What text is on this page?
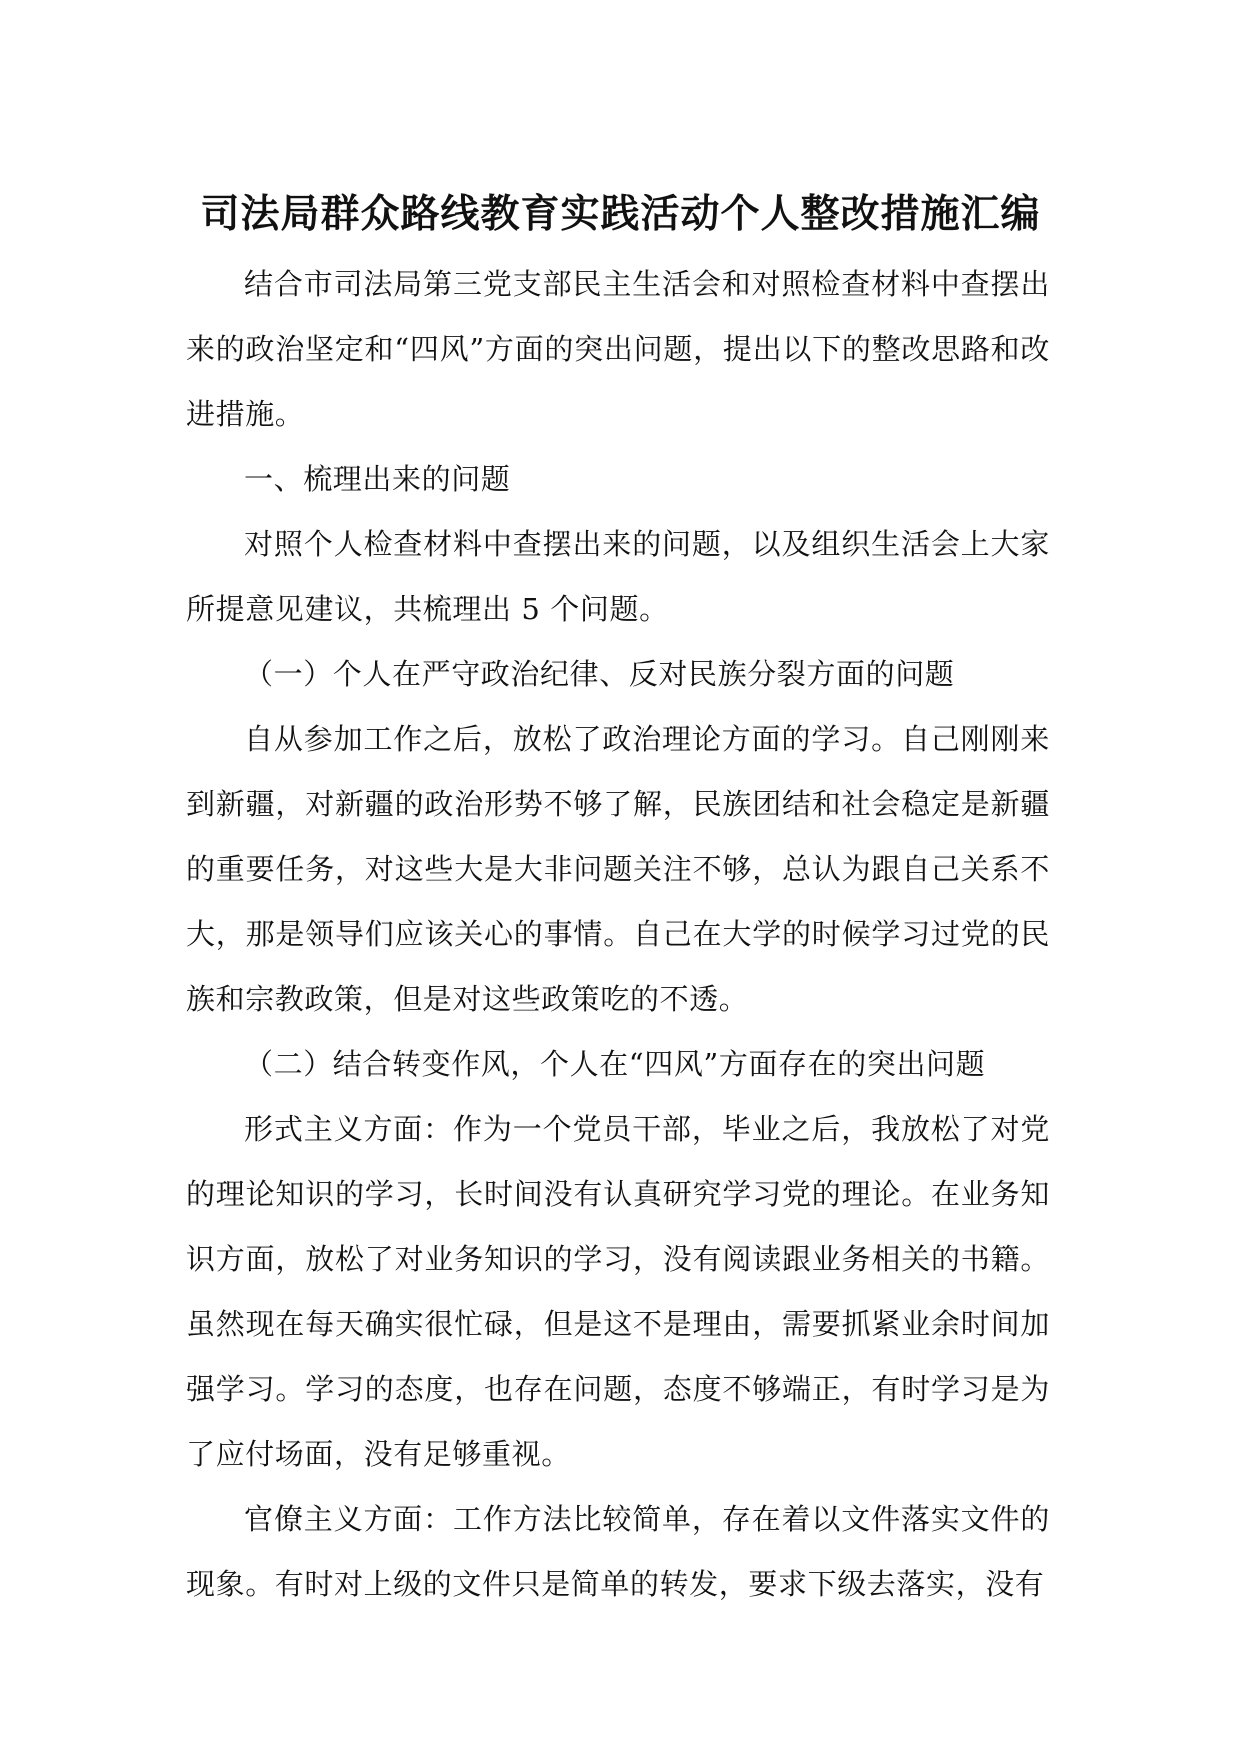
司法局群众路线教育实践活动个人整改措施汇编

结合市司法局第三党支部民主生活会和对照检查材料中查摆出来的政治坚定和“四风”方面的突出问题，提出以下的整改思路和改进措施。

一、梳理出来的问题

对照个人检查材料中查摆出来的问题，以及组织生活会上大家所提意见建议，共梳理出 5 个问题。

（一）个人在严守政治纪律、反对民族分裂方面的问题

自从参加工作之后，放松了政治理论方面的学习。自己刚刚来到新疆，对新疆的政治形势不够了解，民族团结和社会稳定是新疆的重要任务，对这些大是大非问题关注不够，总认为跟自己关系不大，那是领导们应该关心的事情。自己在大学的时候学习过党的民族和宗教政策，但是对这些政策吃的不透。

（二）结合转变作风，个人在“四风”方面存在的突出问题

形式主义方面：作为一个党员干部，毕业之后，我放松了对党的理论知识的学习，长时间没有认真研究学习党的理论。在业务知识方面，放松了对业务知识的学习，没有阅读跟业务相关的书籍。虽然现在每天确实很忙碌，但是这不是理由，需要抓紧业余时间加强学习。学习的态度，也存在问题，态度不够端正，有时学习是为了应付场面，没有足够重视。

官僚主义方面：工作方法比较简单，存在着以文件落实文件的现象。有时对上级的文件只是简单的转发，要求下级去落实，没有
